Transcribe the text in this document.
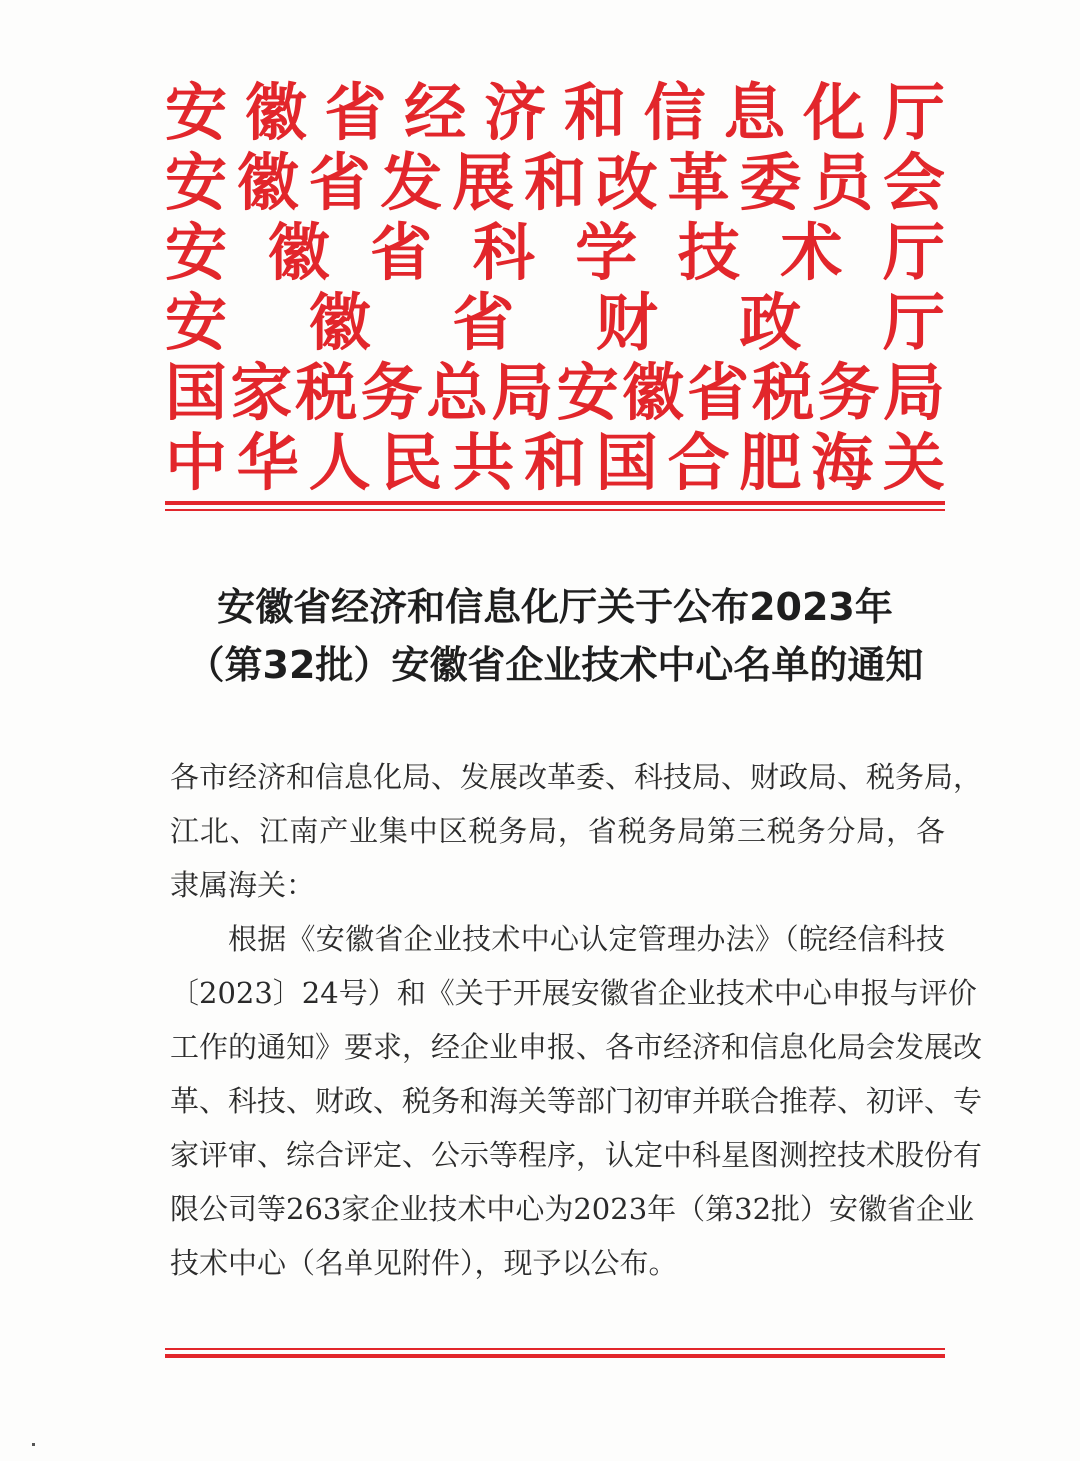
安 徽 省 经 济 和 信 息 化 厅
安 徽 省 发 展 和 改 革 委 员 会
安 徽 省 科 学 技 术 厅
安 徽 省 财 政 厅
国 家 税 务 总 局 安 徽 省 税 务 局
中 华 人 民 共 和 国 合 肥 海 关
安徽省经济和信息化厅关于公布2023年
（第32批）安徽省企业技术中心名单的通知
各市经济和信息化局、发展改革委、科技局、财政局、税务局，
江北、江南产业集中区税务局，省税务局第三税务分局，各
隶属海关：
根据《安徽省企业技术中心认定管理办法》（皖经信科技
〔2023〕24号）和《关于开展安徽省企业技术中心申报与评价
工作的通知》要求，经企业申报、各市经济和信息化局会发展改
革、科技、财政、税务和海关等部门初审并联合推荐、初评、专
家评审、综合评定、公示等程序，认定中科星图测控技术股份有
限公司等263家企业技术中心为2023年（第32批）安徽省企业
技术中心（名单见附件），现予以公布。
